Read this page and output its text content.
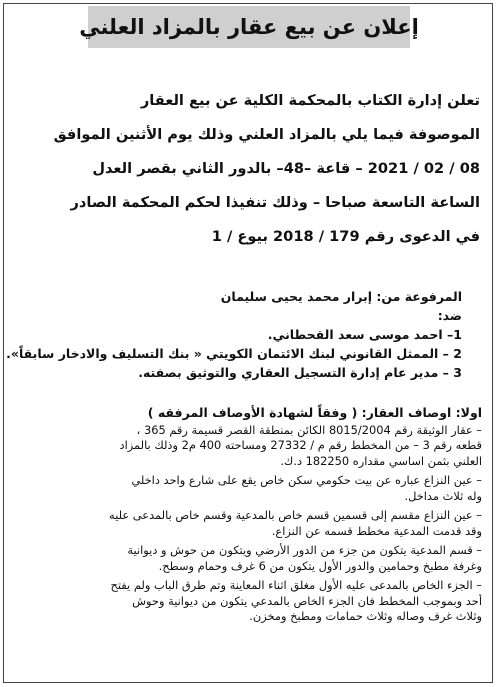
إعلان عن بيع عقار بالمزاد العلني

تعلن إدارة الكتاب بالمحكمة الكلية عن بيع العقار

الموصوفة فيما يلي بالمزاد العلني وذلك يوم الأثنين الموافق

08 / 02 / 2021 – قاعة –48– بالدور الثاني بقصر العدل

الساعة التاسعة صباحا – وذلك تنفيذا لحكم المحكمة الصادر

في الدعوى رقم 179 / 2018 بيوع / 1

المرفوعة من: إبرار محمد يحيى سليمان

ضد:

1– احمد موسى سعد القحطاني.

2 – الممثل القانوني لبنك الائتمان الكويتي « بنك التسليف والادخار سابقاً».

3 – مدير عام إدارة التسجيل العقاري والتوثيق بصفته.

اولا: اوصاف العقار: ( وفقاً لشهادة الأوصاف المرفقه )

– عقار الوثيقة رقم 8015/2004 الكائن بمنطقة القصر قسيمة رقم 365 ،

قطعه رقم 3 – من المخطط رقم م / 27332 ومساحته 400 م2 وذلك بالمزاد

العلني بثمن اساسي مقداره 182250 د.ك.

– عين النزاع عباره عن بيت حكومي سكن خاص يقع على شارع واحد داخلي

وله ثلاث مداخل.

– عين النزاع مقسم إلى قسمين قسم خاص بالمدعية وقسم خاص بالمدعى عليه

وقد قدمت المدعية مخطط قسمه عن النزاع.

– قسم المدعية يتكون من جزء من الدور الأرضي ويتكون من حوش و ديوانية

وغرفة مطبخ وحمامين والدور الأول يتكون من 6 غرف وحمام وسطح.

– الجزء الخاص بالمدعى عليه الأول مغلق اثناء المعاينة وتم طرق الباب ولم يفتح

أحد وبموجب المخطط فان الجزء الخاص بالمدعي يتكون من ديوانية وحوش

وثلاث غرف وصاله وثلاث حمامات ومطبخ ومخزن.
